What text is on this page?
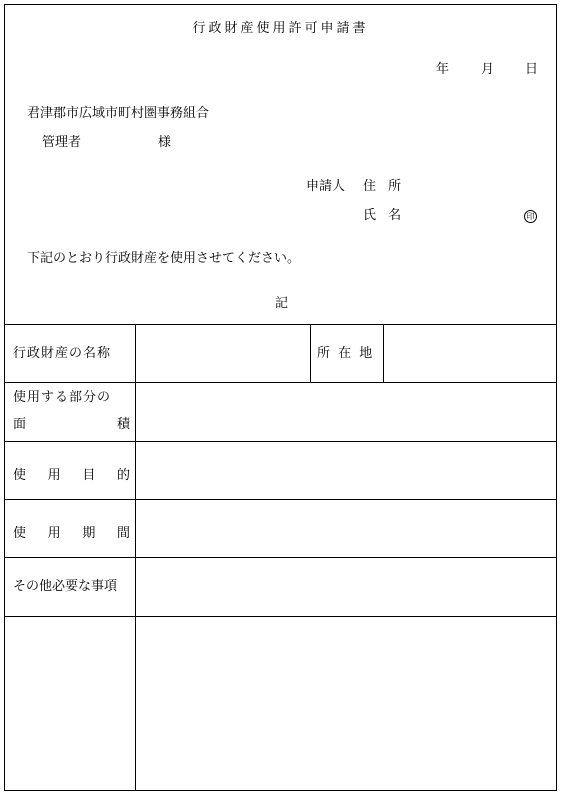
行政財産使用許可申請書
年 月 日
君津郡市広域市町村圏事務組合
管理者	様
申請人 住 所
氏 名	印
下記のとおり行政財産を使用させてください。
記
行政財産の名称	所 在 地
使用する部分の
面	積
使 用 目 的
使 用 期 間
その他必要な事項
